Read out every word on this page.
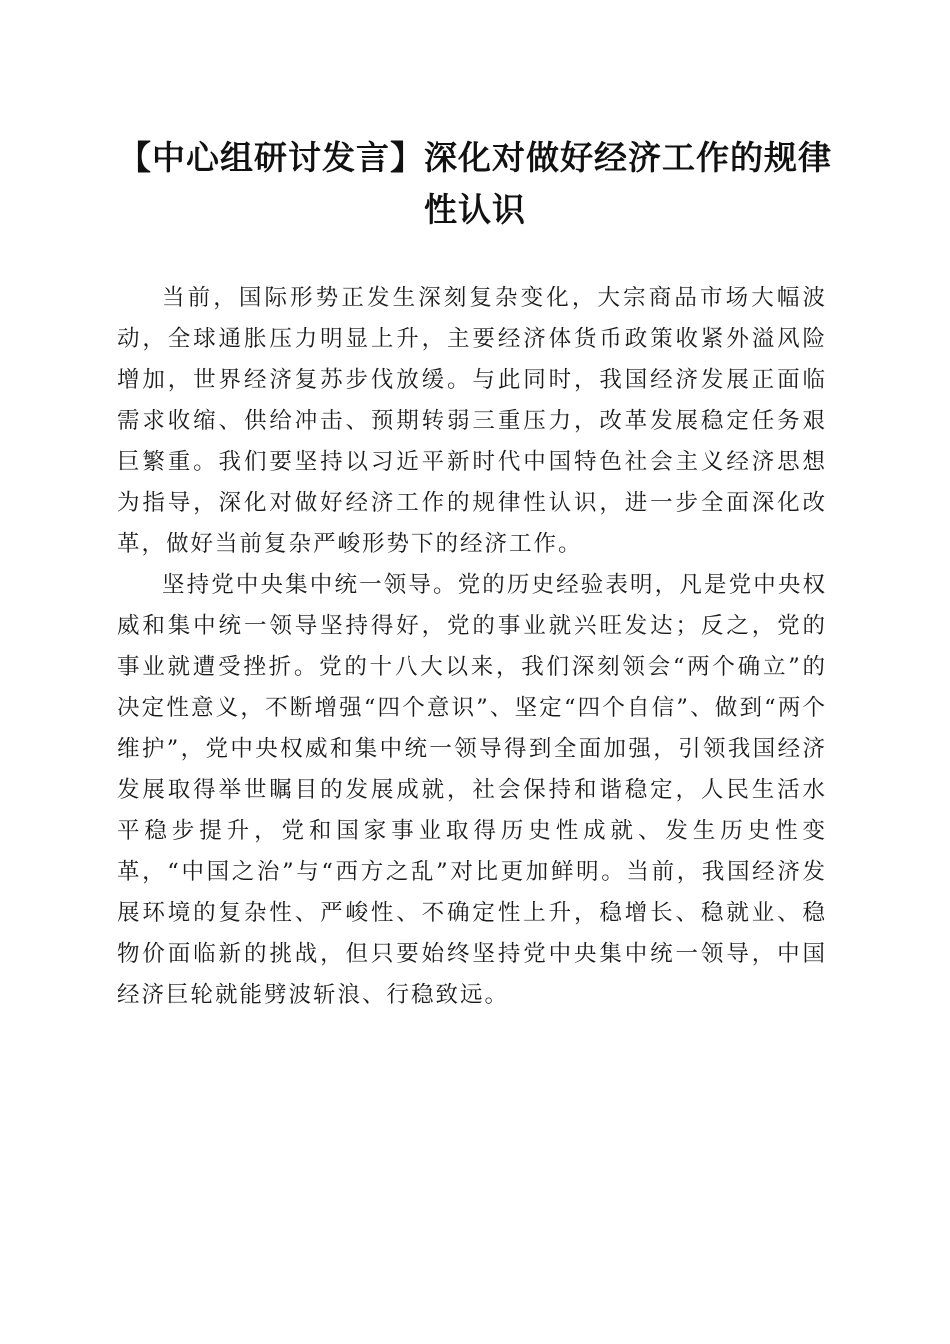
【中心组研讨发言】深化对做好经济工作的规律性认识

当前，国际形势正发生深刻复杂变化，大宗商品市场大幅波动，全球通胀压力明显上升，主要经济体货币政策收紧外溢风险增加，世界经济复苏步伐放缓。与此同时，我国经济发展正面临需求收缩、供给冲击、预期转弱三重压力，改革发展稳定任务艰巨繁重。我们要坚持以习近平新时代中国特色社会主义经济思想为指导，深化对做好经济工作的规律性认识，进一步全面深化改革，做好当前复杂严峻形势下的经济工作。

坚持党中央集中统一领导。党的历史经验表明，凡是党中央权威和集中统一领导坚持得好，党的事业就兴旺发达；反之，党的事业就遭受挫折。党的十八大以来，我们深刻领会“两个确立”的决定性意义，不断增强“四个意识”、坚定“四个自信”、做到“两个维护”，党中央权威和集中统一领导得到全面加强，引领我国经济发展取得举世瞩目的发展成就，社会保持和谐稳定，人民生活水平稳步提升，党和国家事业取得历史性成就、发生历史性变革，“中国之治”与“西方之乱”对比更加鲜明。当前，我国经济发展环境的复杂性、严峻性、不确定性上升，稳增长、稳就业、稳物价面临新的挑战，但只要始终坚持党中央集中统一领导，中国经济巨轮就能劈波斩浪、行稳致远。
